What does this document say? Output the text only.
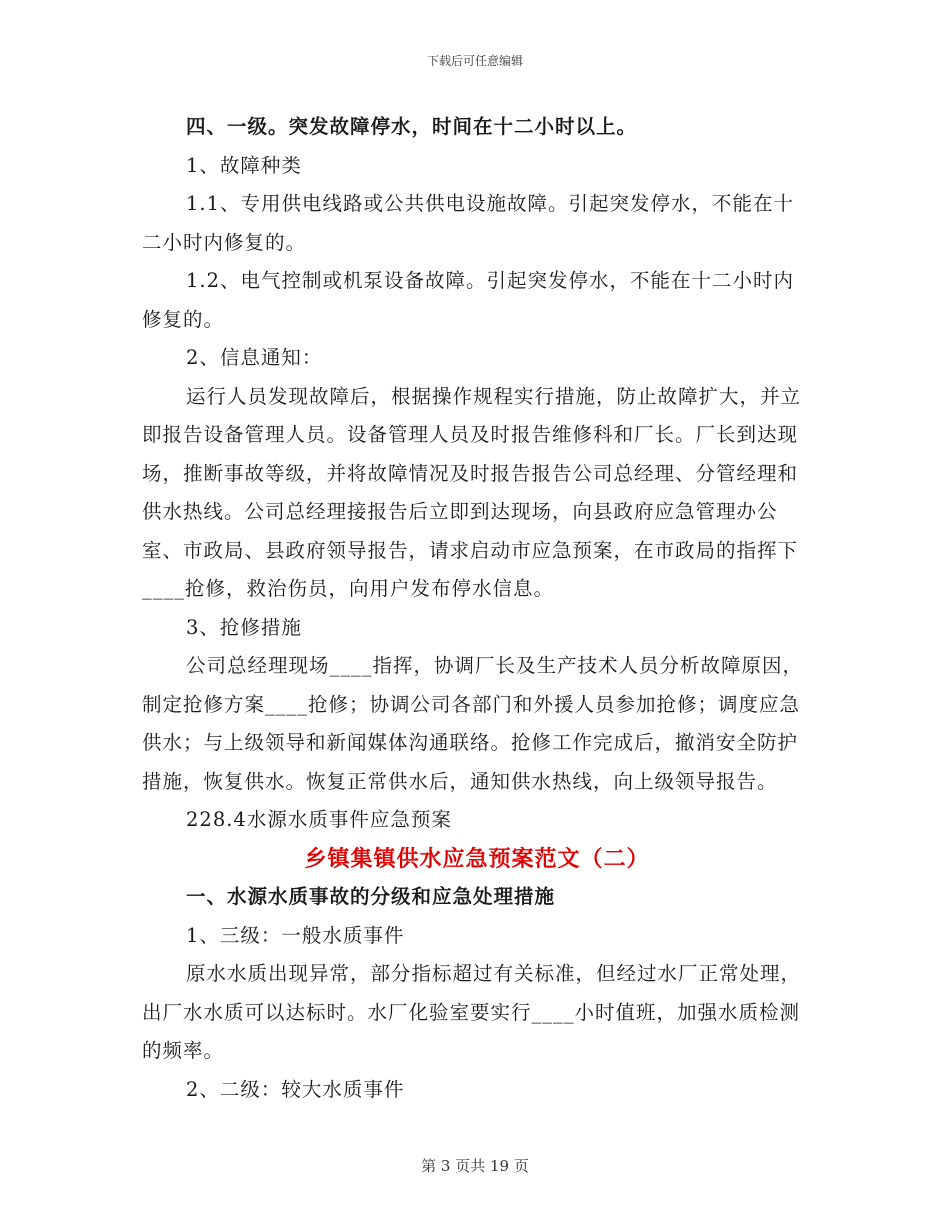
下载后可任意编辑

四、一级。突发故障停水，时间在十二小时以上。

1、故障种类

1.1、专用供电线路或公共供电设施故障。引起突发停水，不能在十二小时内修复的。

1.2、电气控制或机泵设备故障。引起突发停水，不能在十二小时内修复的。

2、信息通知：

运行人员发现故障后，根据操作规程实行措施，防止故障扩大，并立即报告设备管理人员。设备管理人员及时报告维修科和厂长。厂长到达现场，推断事故等级，并将故障情况及时报告报告公司总经理、分管经理和供水热线。公司总经理接报告后立即到达现场，向县政府应急管理办公室、市政局、县政府领导报告，请求启动市应急预案，在市政局的指挥下____抢修，救治伤员，向用户发布停水信息。

3、抢修措施

公司总经理现场____指挥，协调厂长及生产技术人员分析故障原因，制定抢修方案____抢修；协调公司各部门和外援人员参加抢修；调度应急供水；与上级领导和新闻媒体沟通联络。抢修工作完成后，撤消安全防护措施，恢复供水。恢复正常供水后，通知供水热线，向上级领导报告。

228.4水源水质事件应急预案

乡镇集镇供水应急预案范文（二）

一、水源水质事故的分级和应急处理措施

1、三级：一般水质事件

原水水质出现异常，部分指标超过有关标准，但经过水厂正常处理，出厂水水质可以达标时。水厂化验室要实行____小时值班，加强水质检测的频率。

2、二级：较大水质事件

第 3 页共 19 页
